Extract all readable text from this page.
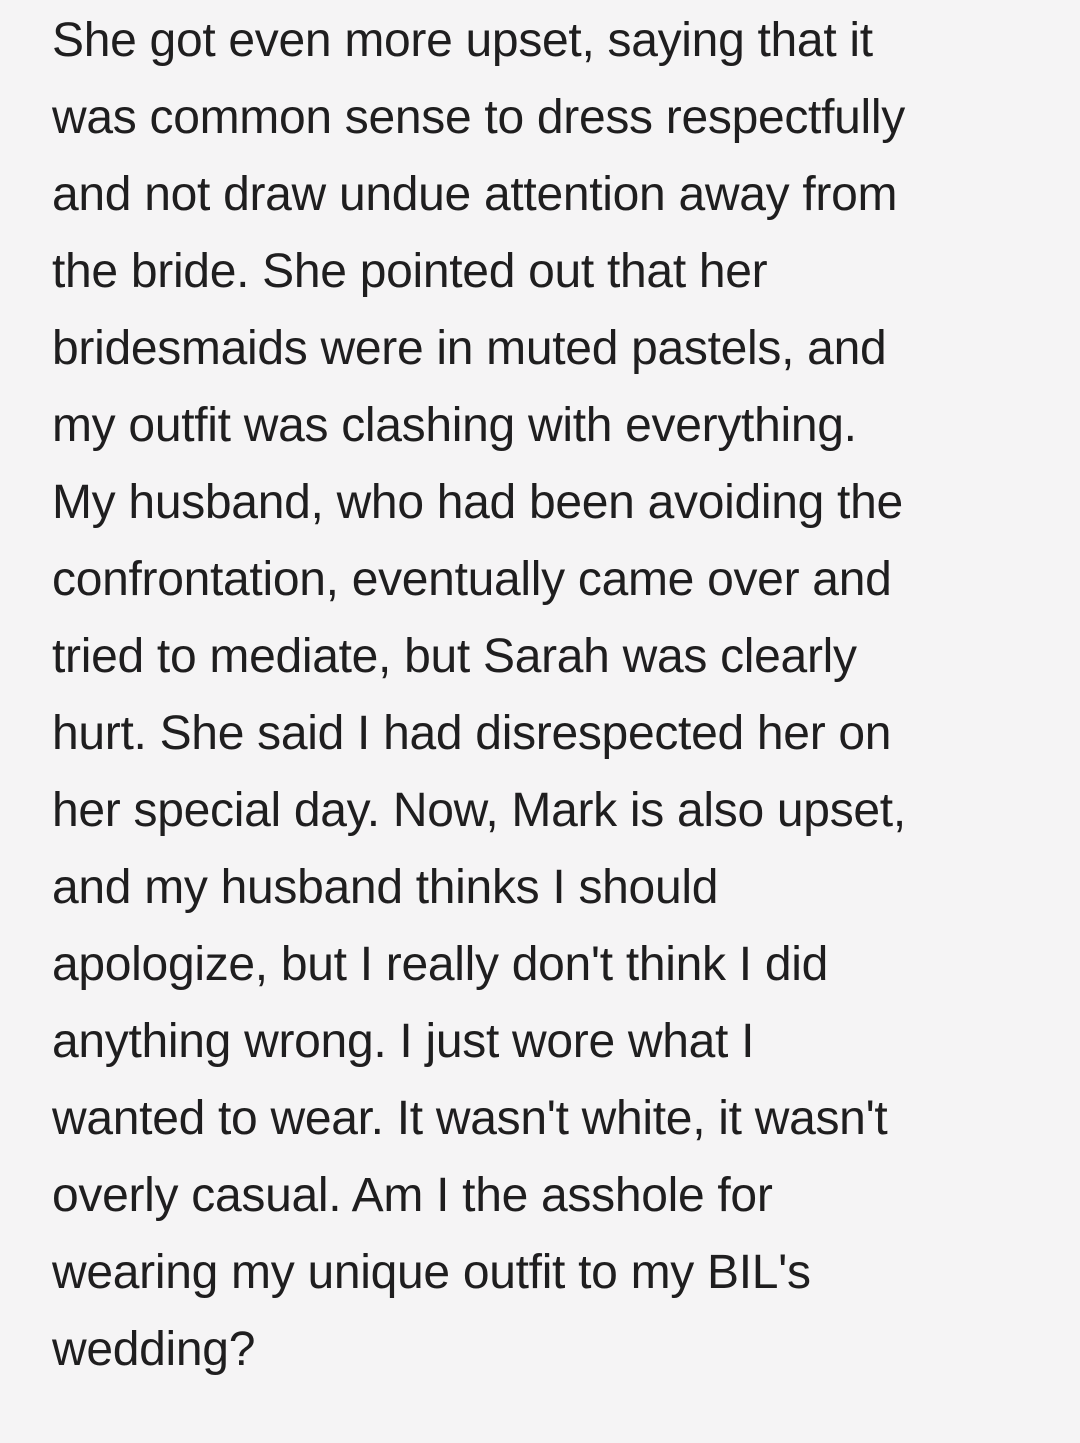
She got even more upset, saying that it
was common sense to dress respectfully
and not draw undue attention away from
the bride. She pointed out that her
bridesmaids were in muted pastels, and
my outfit was clashing with everything.
My husband, who had been avoiding the
confrontation, eventually came over and
tried to mediate, but Sarah was clearly
hurt. She said I had disrespected her on
her special day. Now, Mark is also upset,
and my husband thinks I should
apologize, but I really don't think I did
anything wrong. I just wore what I
wanted to wear. It wasn't white, it wasn't
overly casual. Am I the asshole for
wearing my unique outfit to my BIL's
wedding?
